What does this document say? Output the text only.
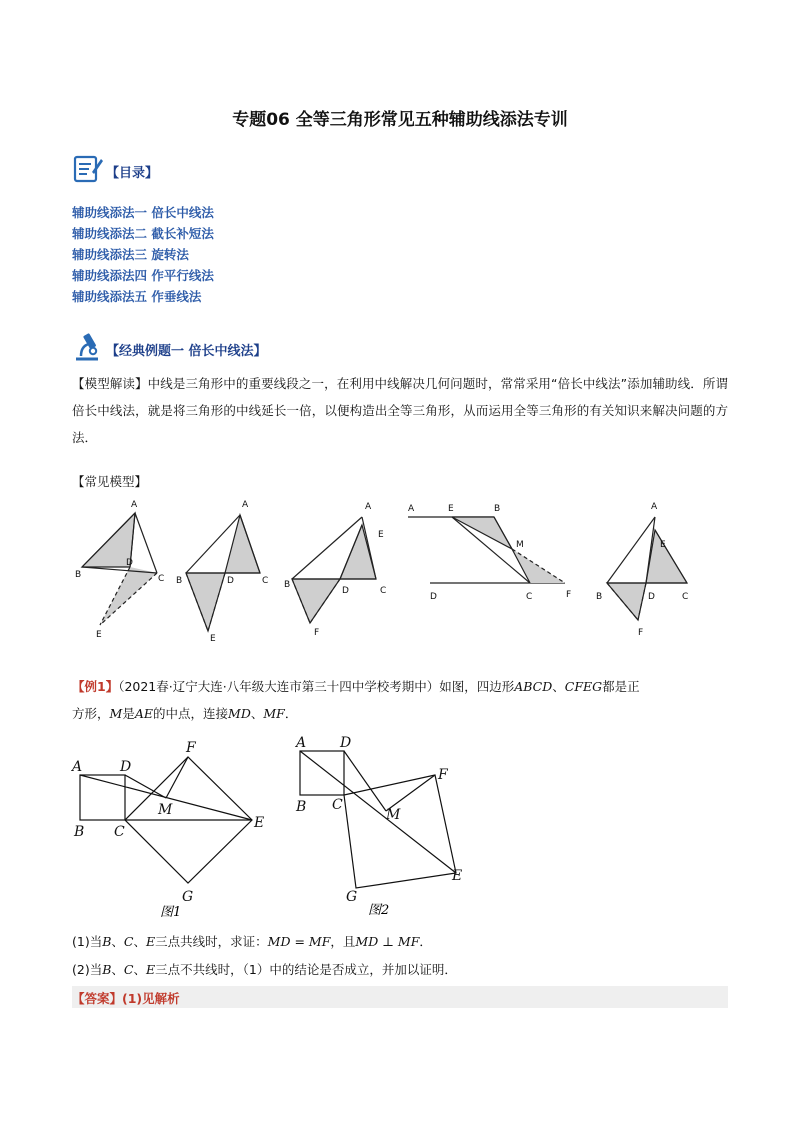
专题06 全等三角形常见五种辅助线添法专训
【目录】
辅助线添法一 倍长中线法
辅助线添法二 截长补短法
辅助线添法三 旋转法
辅助线添法四 作平行线法
辅助线添法五 作垂线法
【经典例题一 倍长中线法】
【模型解读】中线是三角形中的重要线段之一，在利用中线解决几何问题时，常常采用“倍长中线法”添加辅助线．所谓倍长中线法，就是将三角形的中线延长一倍，以便构造出全等三角形，从而运用全等三角形的有关知识来解决问题的方法．
【常见模型】
A
B
D
C
E
A
B	D	C
E
A
E
B
D	C
F
A	E	B
M
D	C	F
A
E
B	D	C
F
【例1】（2021春·辽宁大连·八年级大连市第三十四中学校考期中）如图，四边形ABCD、CFEG都是正
方形，M是AE的中点，连接MD、MF．
A	D
F
M
B C
E
G
图1
A D
F
M
B C
E
G
图2
(1)当B、C、E三点共线时，求证：MD = MF，且MD ⊥ MF．
(2)当B、C、E三点不共线时，（1）中的结论是否成立，并加以证明．
【答案】(1)见解析
